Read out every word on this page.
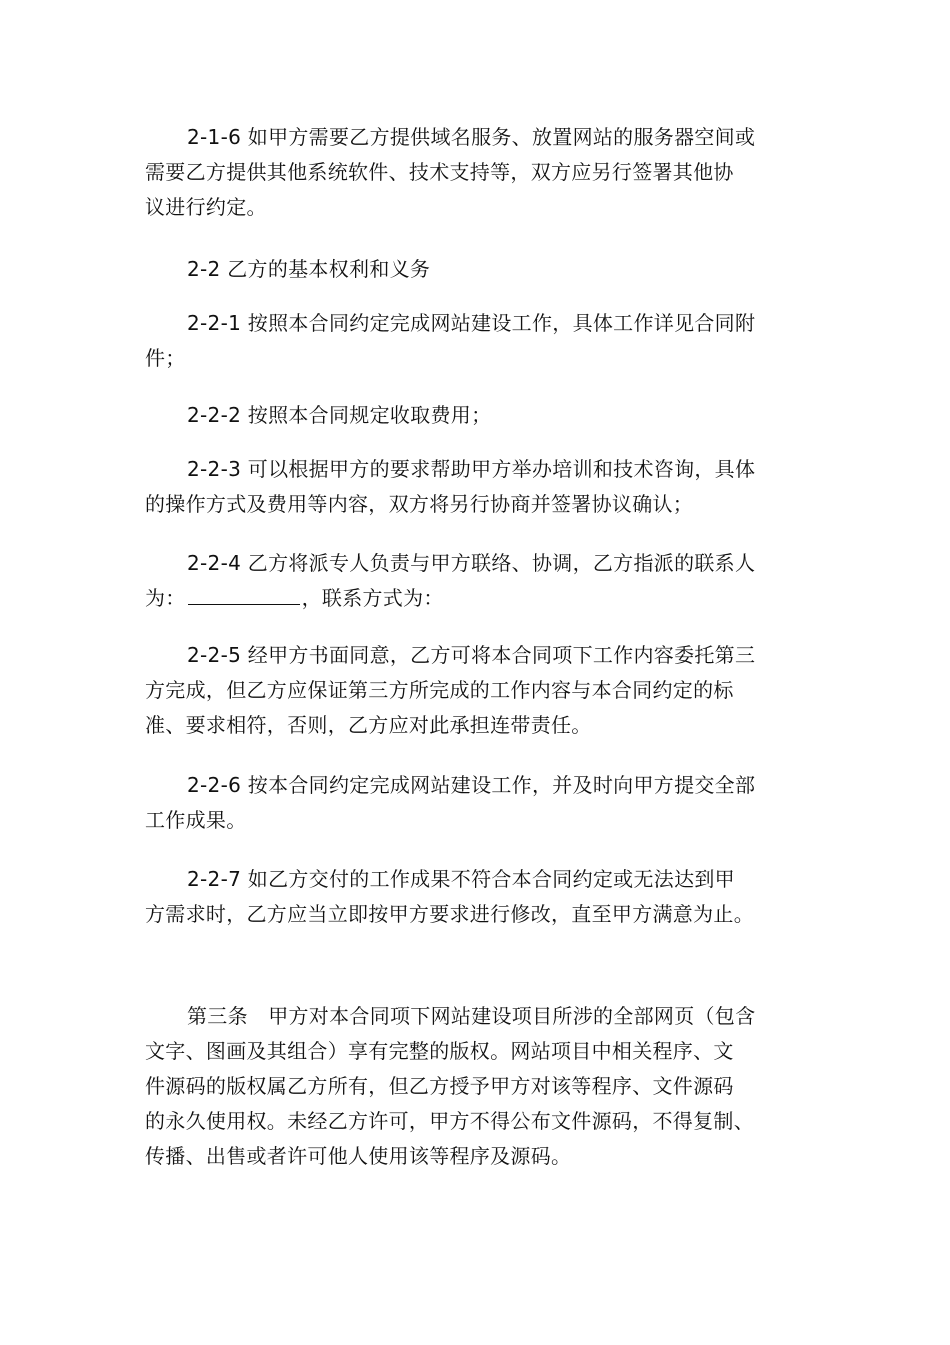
2-1-6 如甲方需要乙方提供域名服务、放置网站的服务器空间或
需要乙方提供其他系统软件、技术支持等，双方应另行签署其他协
议进行约定。
2-2 乙方的基本权利和义务
2-2-1 按照本合同约定完成网站建设工作，具体工作详见合同附
件；
2-2-2 按照本合同规定收取费用；
2-2-3 可以根据甲方的要求帮助甲方举办培训和技术咨询，具体
的操作方式及费用等内容，双方将另行协商并签署协议确认；
2-2-4 乙方将派专人负责与甲方联络、协调，乙方指派的联系人
为：	，联系方式为：
2-2-5 经甲方书面同意，乙方可将本合同项下工作内容委托第三
方完成，但乙方应保证第三方所完成的工作内容与本合同约定的标
准、要求相符，否则，乙方应对此承担连带责任。
2-2-6 按本合同约定完成网站建设工作，并及时向甲方提交全部
工作成果。
2-2-7 如乙方交付的工作成果不符合本合同约定或无法达到甲
方需求时，乙方应当立即按甲方要求进行修改，直至甲方满意为止。
第三条　甲方对本合同项下网站建设项目所涉的全部网页（包含
文字、图画及其组合）享有完整的版权。网站项目中相关程序、文
件源码的版权属乙方所有，但乙方授予甲方对该等程序、文件源码
的永久使用权。未经乙方许可，甲方不得公布文件源码，不得复制、
传播、出售或者许可他人使用该等程序及源码。
